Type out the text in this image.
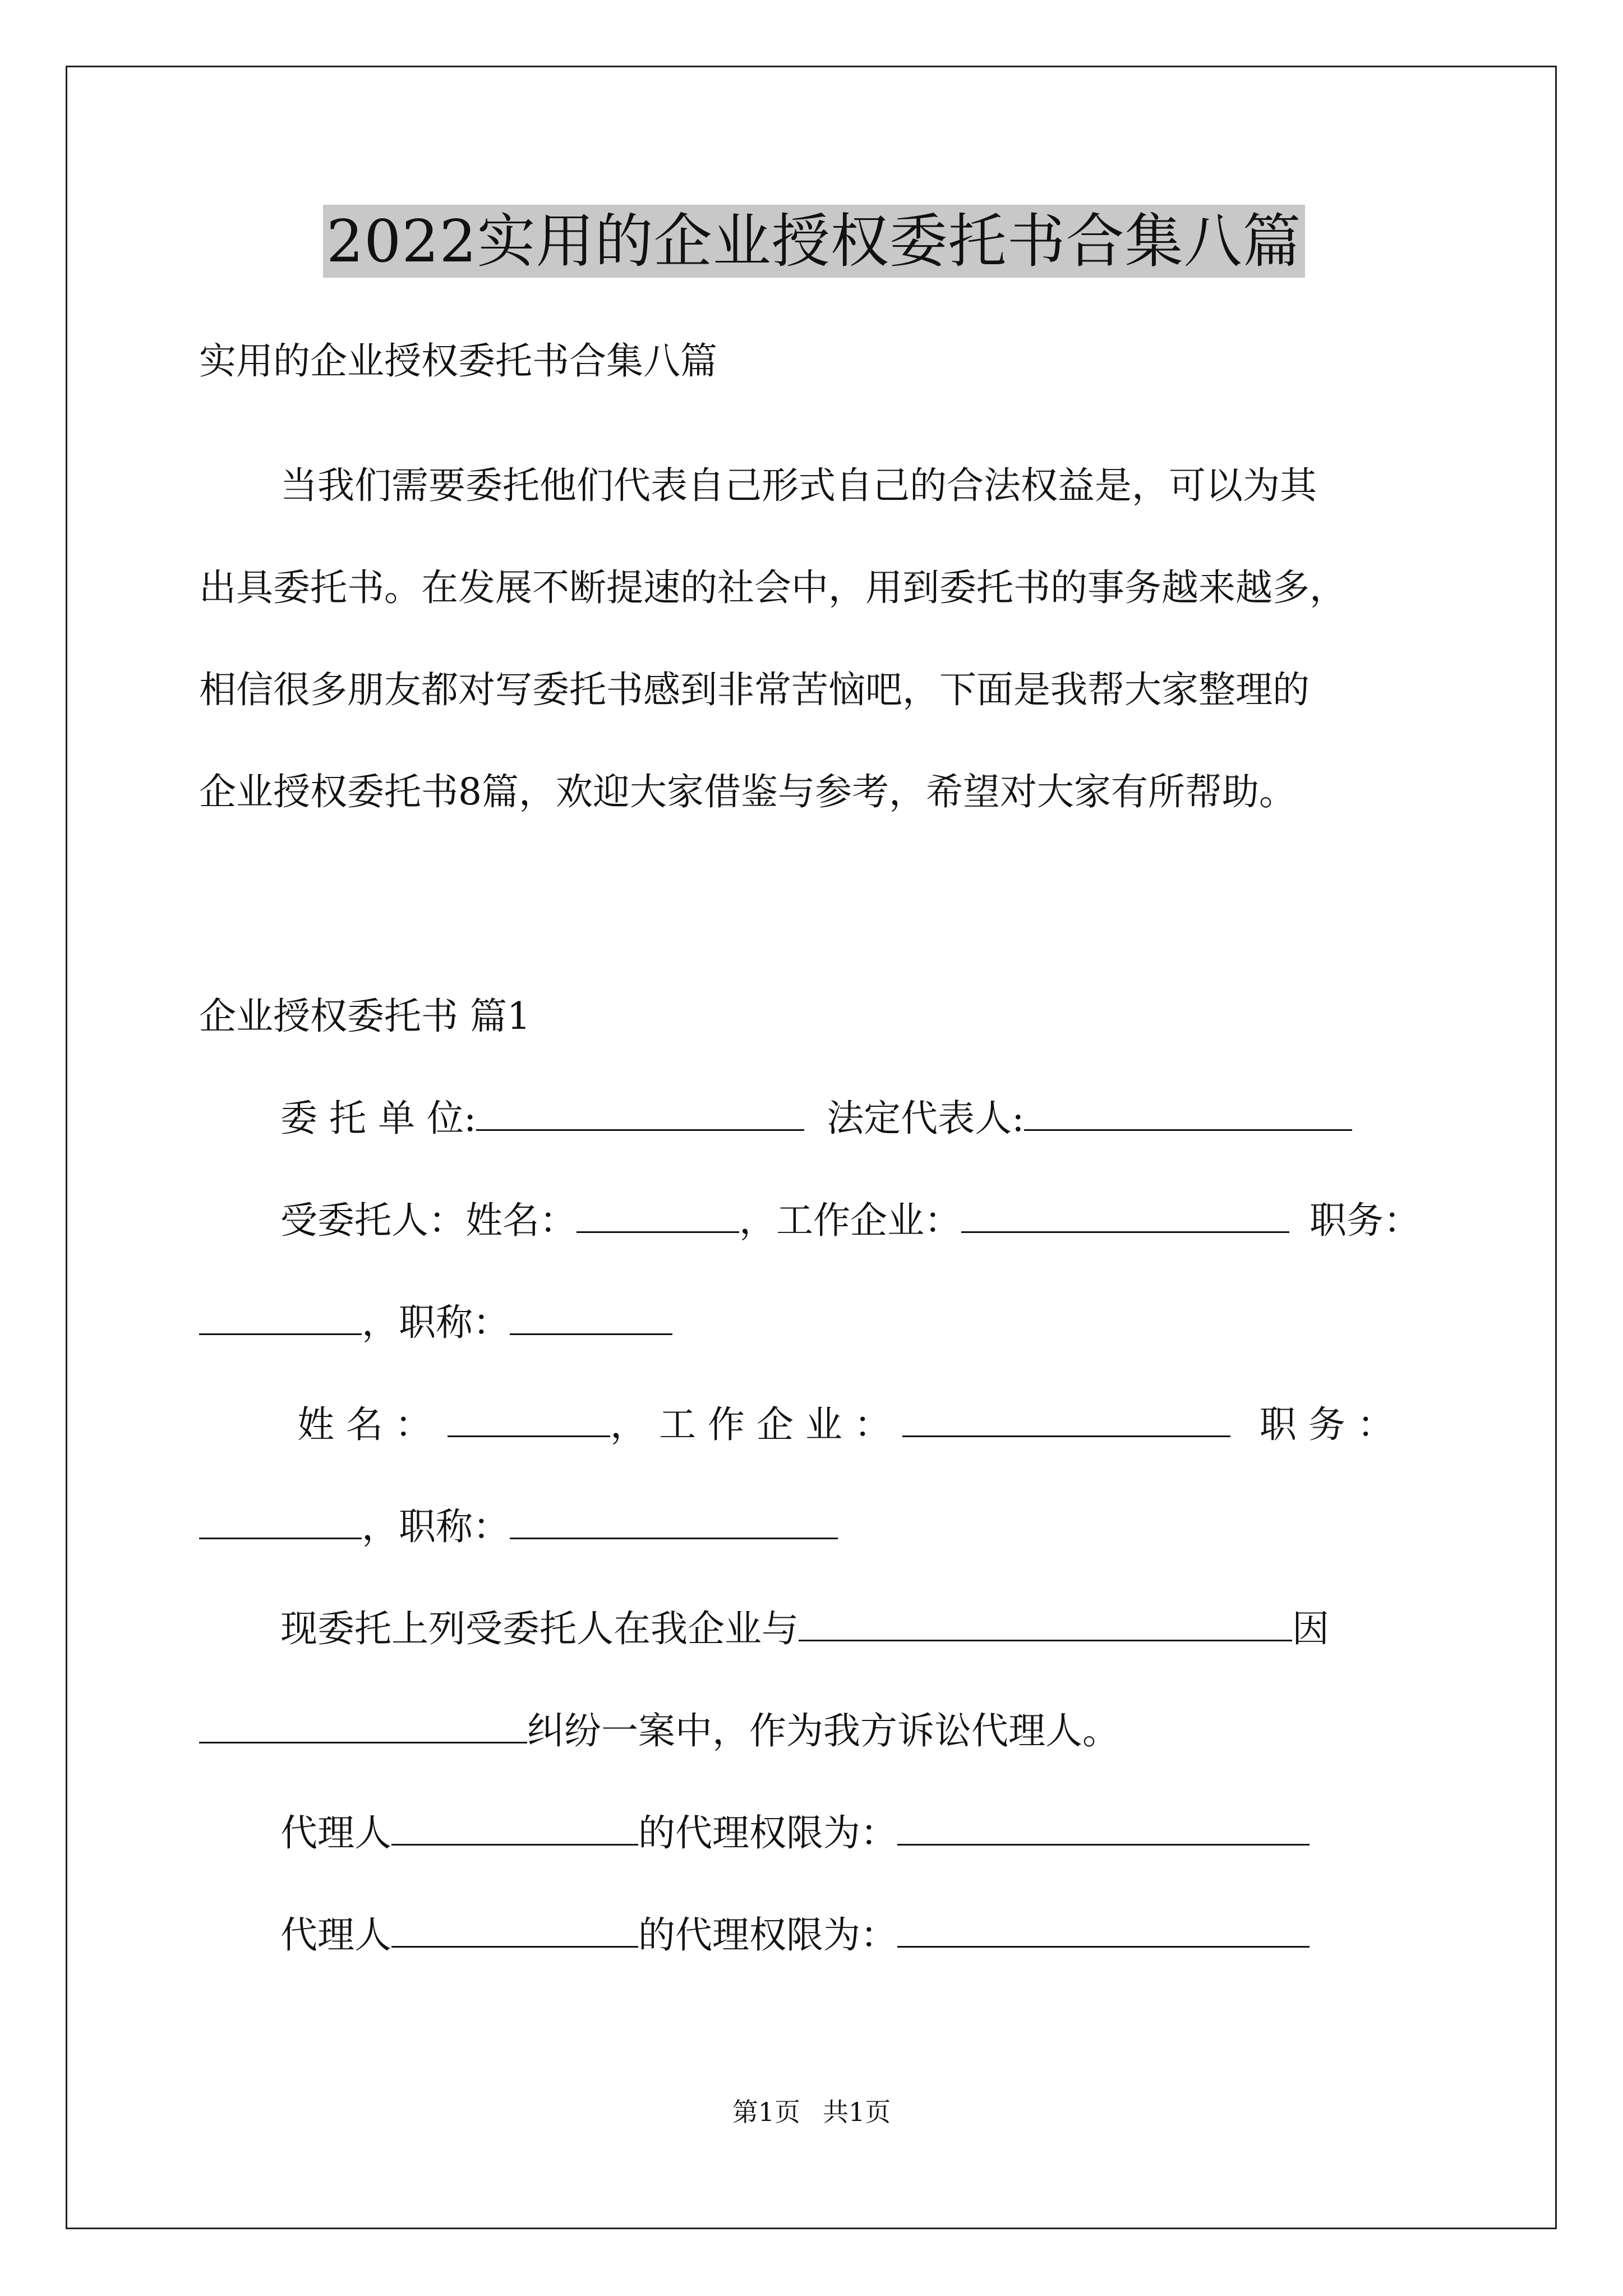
2022实用的企业授权委托书合集八篇
实用的企业授权委托书合集八篇
当我们需要委托他们代表自己形式自己的合法权益是，可以为其
出具委托书。在发展不断提速的社会中，用到委托书的事务越来越多，
相信很多朋友都对写委托书感到非常苦恼吧，下面是我帮大家整理的
企业授权委托书8篇，欢迎大家借鉴与参考，希望对大家有所帮助。
企业授权委托书 篇1
委 托 单 位:	法定代表人:
受委托人：姓名：	，工作企业：	职务：
，职称：
姓 名 ：	， 工 作 企 业 ：	职 务 ：
，职称：
现委托上列受委托人在我企业与	因
纠纷一案中，作为我方诉讼代理人。
代理人	的代理权限为：
代理人	的代理权限为：
第1页 共1页
